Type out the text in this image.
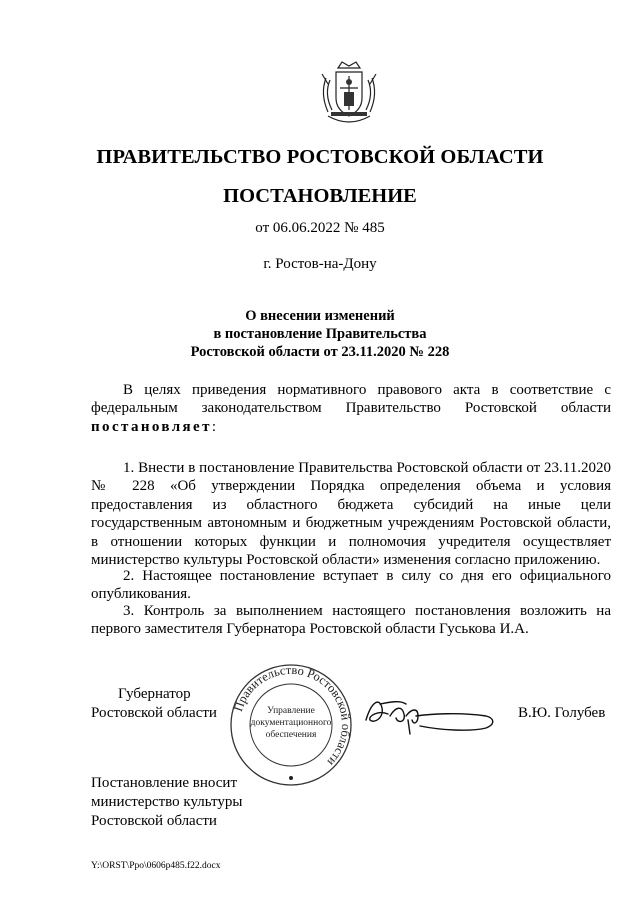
ПРАВИТЕЛЬСТВО РОСТОВСКОЙ ОБЛАСТИ
ПОСТАНОВЛЕНИЕ
от 06.06.2022 № 485
г. Ростов-на-Дону
О внесении изменений
в постановление Правительства
Ростовской области от 23.11.2020 № 228
В целях приведения нормативного правового акта в соответствие с федеральным законодательством Правительство Ростовской области постановляет:
1. Внести в постановление Правительства Ростовской области от 23.11.2020 № 228 «Об утверждении Порядка определения объема и условия предоставления из областного бюджета субсидий на иные цели государственным автономным и бюджетным учреждениям Ростовской области, в отношении которых функции и полномочия учредителя осуществляет министерство культуры Ростовской области» изменения согласно приложению.
2. Настоящее постановление вступает в силу со дня его официального опубликования.
3. Контроль за выполнением настоящего постановления возложить на первого заместителя Губернатора Ростовской области Гуськова И.А.
Губернатор
Ростовской области Правительство Ростовской области
Управление
документационного
обеспечения
В.Ю. Голубев
Постановление вносит
министерство культуры
Ростовской области
Y:\ORST\Ppo\0606p485.f22.docx
